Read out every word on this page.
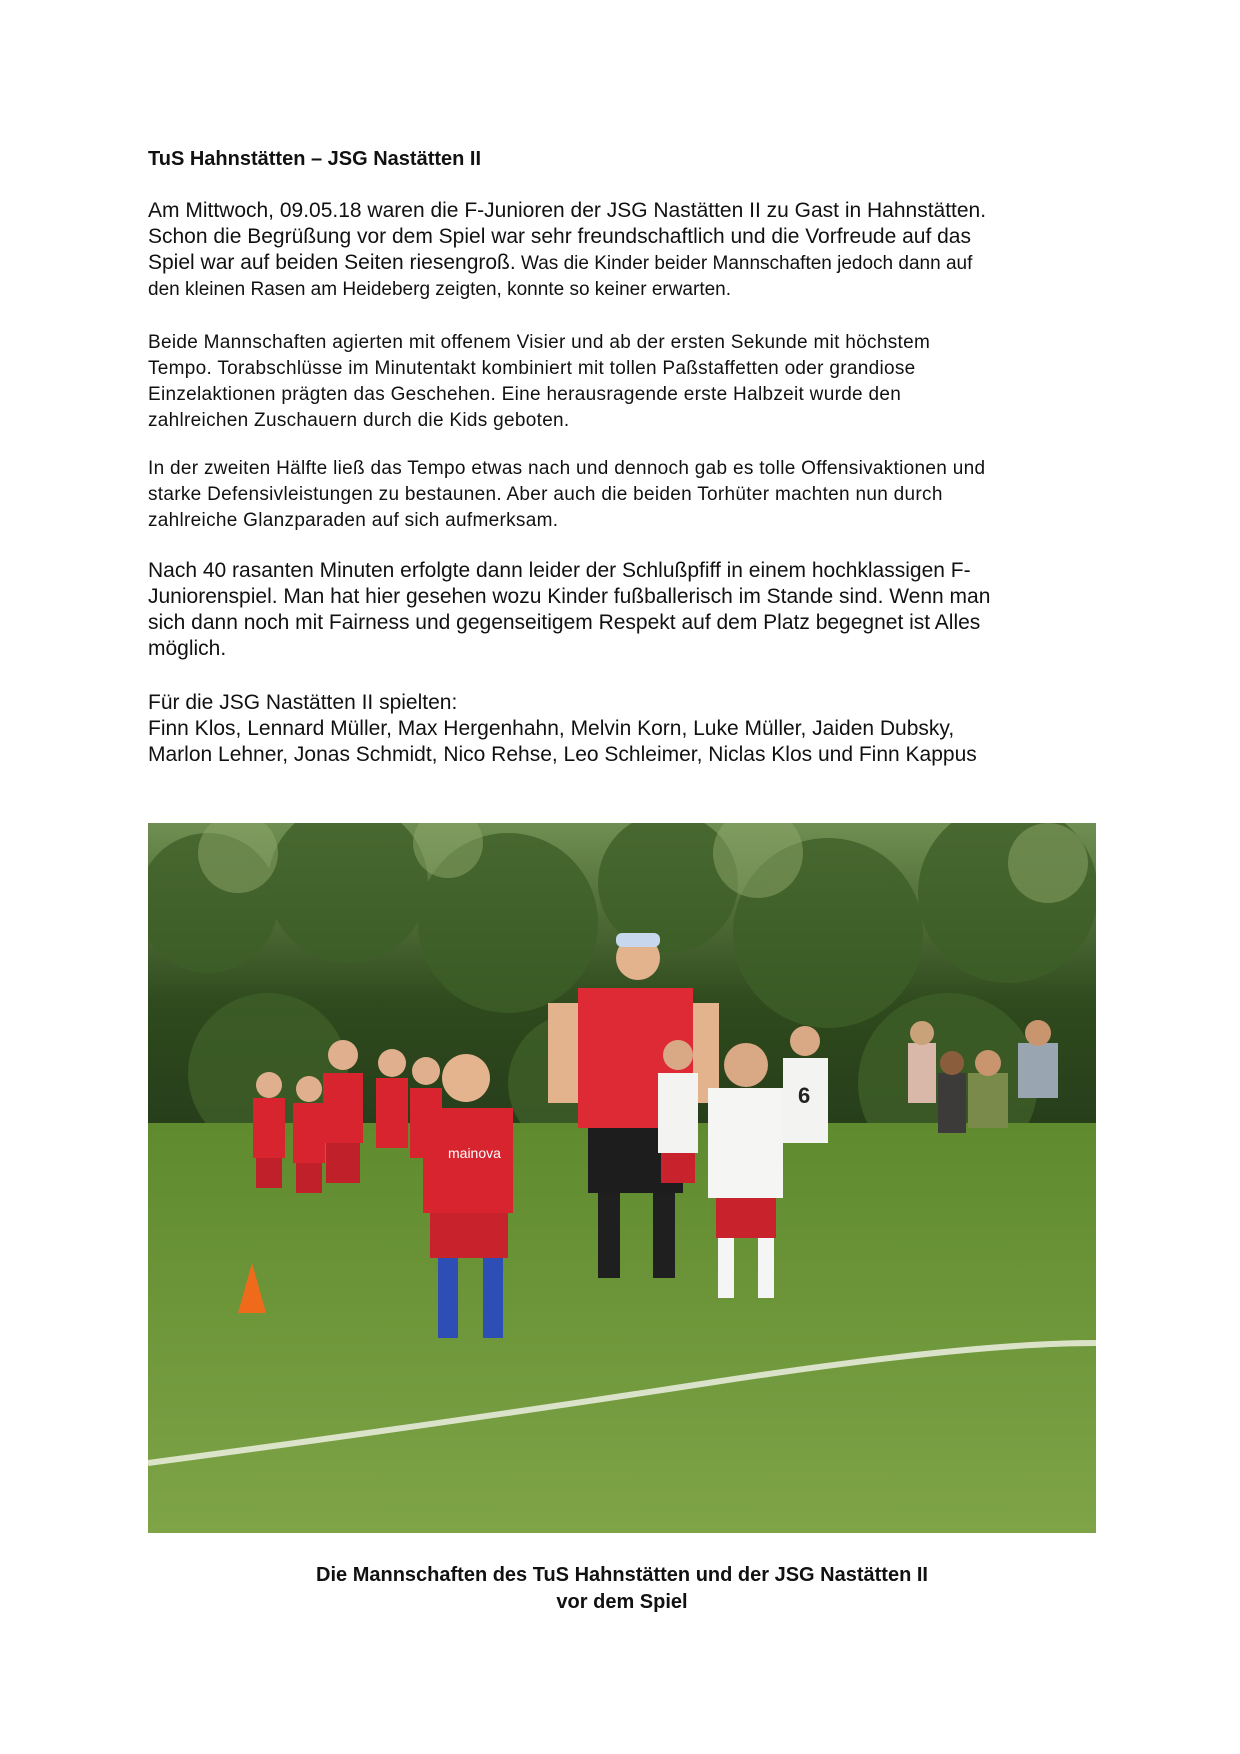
TuS Hahnstätten – JSG Nastätten II
Am Mittwoch, 09.05.18 waren die F-Junioren der JSG Nastätten II zu Gast in Hahnstätten.
Schon die Begrüßung vor dem Spiel war sehr freundschaftlich und die Vorfreude auf das
Spiel war auf beiden Seiten riesengroß. Was die Kinder beider Mannschaften jedoch dann auf
den kleinen Rasen am Heideberg zeigten, konnte so keiner erwarten.
Beide Mannschaften agierten mit offenem Visier und ab der ersten Sekunde mit höchstem
Tempo. Torabschlüsse im Minutentakt kombiniert mit tollen Paßstaffetten oder grandiose
Einzelaktionen prägten das Geschehen. Eine herausragende erste Halbzeit wurde den
zahlreichen Zuschauern durch die Kids geboten.
In der zweiten Hälfte ließ das Tempo etwas nach und dennoch gab es tolle Offensivaktionen und
starke Defensivleistungen zu bestaunen. Aber auch die beiden Torhüter machten nun durch
zahlreiche Glanzparaden auf sich aufmerksam.
Nach 40 rasanten Minuten erfolgte dann leider der Schlußpfiff in einem hochklassigen F-
Juniorenspiel. Man hat hier gesehen wozu Kinder fußballerisch im Stande sind. Wenn man
sich dann noch mit Fairness und gegenseitigem Respekt auf dem Platz begegnet ist Alles
möglich.
Für die JSG Nastätten II spielten:
Finn Klos, Lennard Müller, Max Hergenhahn, Melvin Korn, Luke Müller, Jaiden Dubsky,
Marlon Lehner, Jonas Schmidt, Nico Rehse, Leo Schleimer, Niclas Klos und Finn Kappus
mainova
6

Die Mannschaften des TuS Hahnstätten und der JSG Nastätten II

vor dem Spiel
